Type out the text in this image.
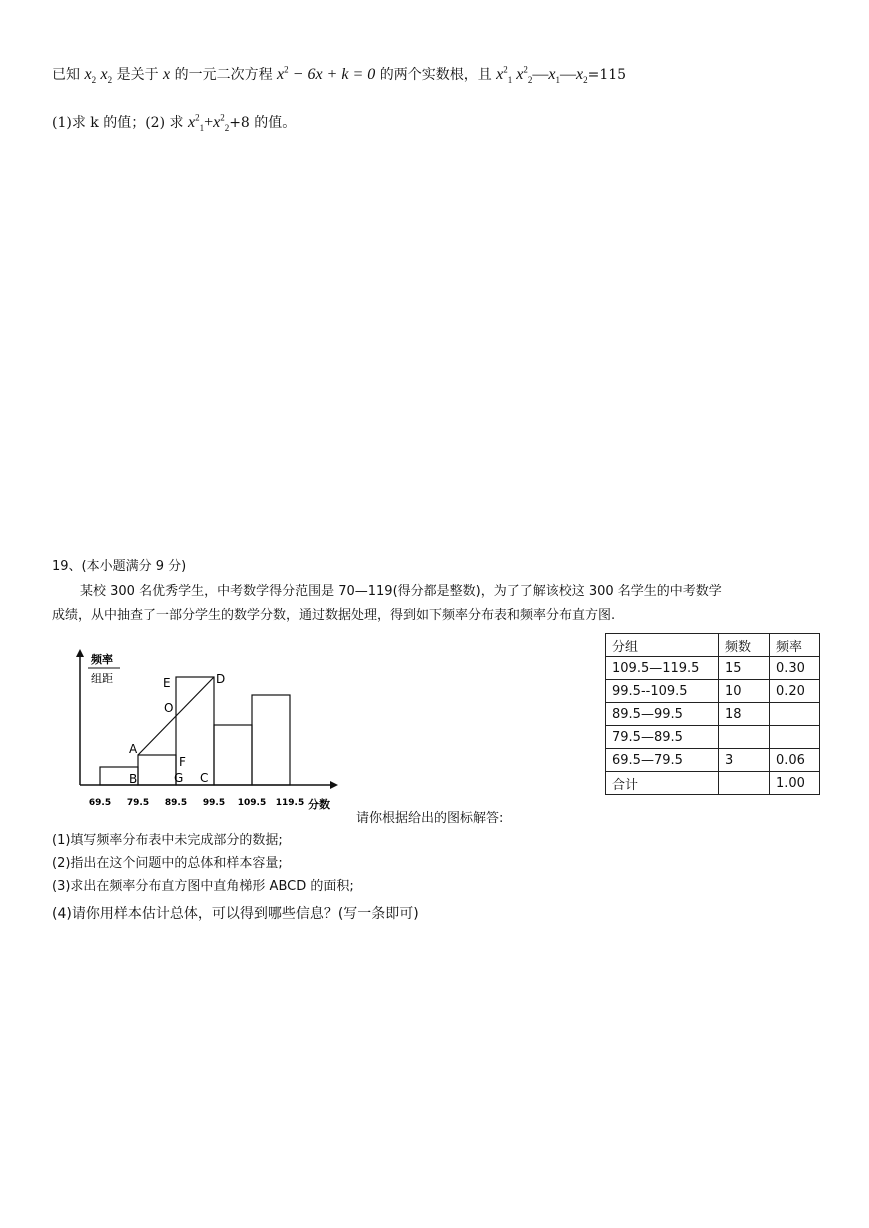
已知 $x_2$ $x_2$ 是关于 x 的一元二次方程 $x^2 - 6x + k = 0$ 的两个实数根，且 $x^2_1$ $x^2_2—x_1—x_2=115$
(1)求 k 的值；(2) 求 $x^2_1+x^2_2+8$ 的值。
19、(本小题满分 9 分)
某校 300 名优秀学生，中考数学得分范围是 70—119(得分都是整数)，为了了解该校这 300 名学生的中考数学
成绩，从中抽查了一部分学生的数学分数，通过数据处理，得到如下频率分布表和频率分布直方图.
频率
组距
69.5 79.5 89.5 99.5 109.5 119.5 分数
A
B	C
D
E
F
G
O
请你根据给出的图标解答:
分组	频数	频率
109.5—119.5	15	0.30
99.5--109.5	10	0.20
89.5—99.5	18	
79.5—89.5		
69.5—79.5	3	0.06
合计		1.00
(1)填写频率分布表中未完成部分的数据;
(2)指出在这个问题中的总体和样本容量;
(3)求出在频率分布直方图中直角梯形 ABCD 的面积;
(4)请你用样本估计总体，可以得到哪些信息？(写一条即可)
